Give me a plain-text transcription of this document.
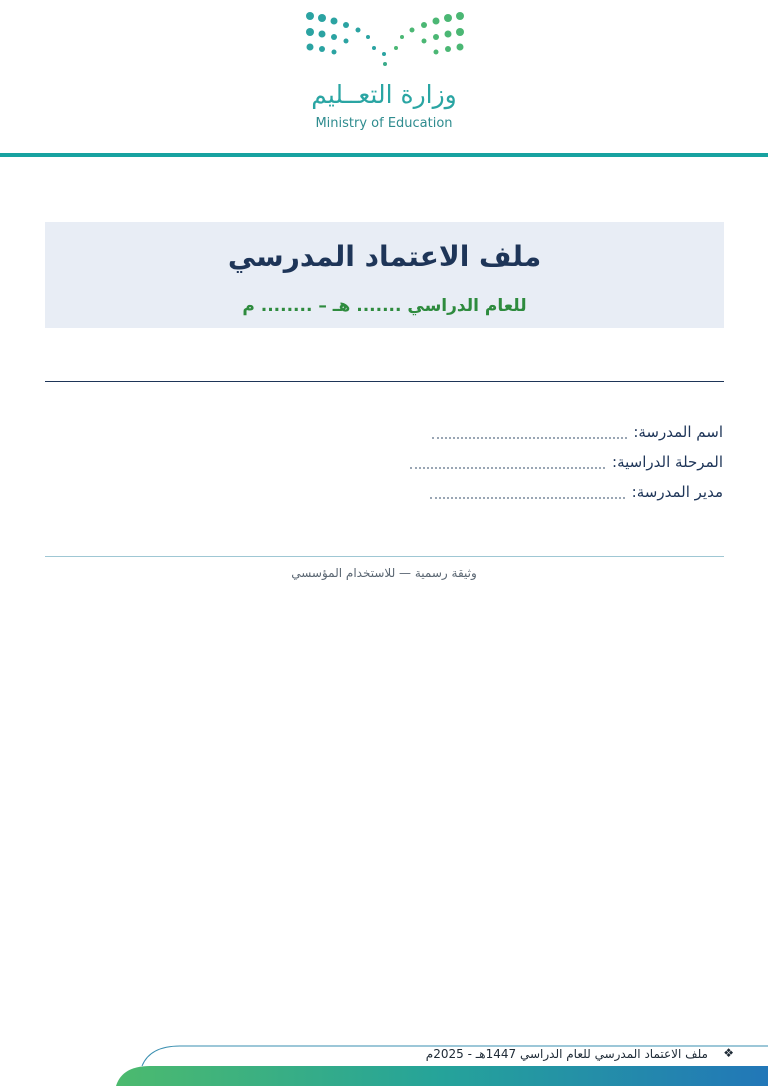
وزارة التعــليم
Ministry of Education
ملف الاعتماد المدرسي
للعام الدراسي ....... هـ – ........ م
اسم المدرسة:
المرحلة الدراسية:
مدير المدرسة:
وثيقة رسمية — للاستخدام المؤسسي
❖
ملف الاعتماد المدرسي للعام الدراسي 1447هـ - 2025م
